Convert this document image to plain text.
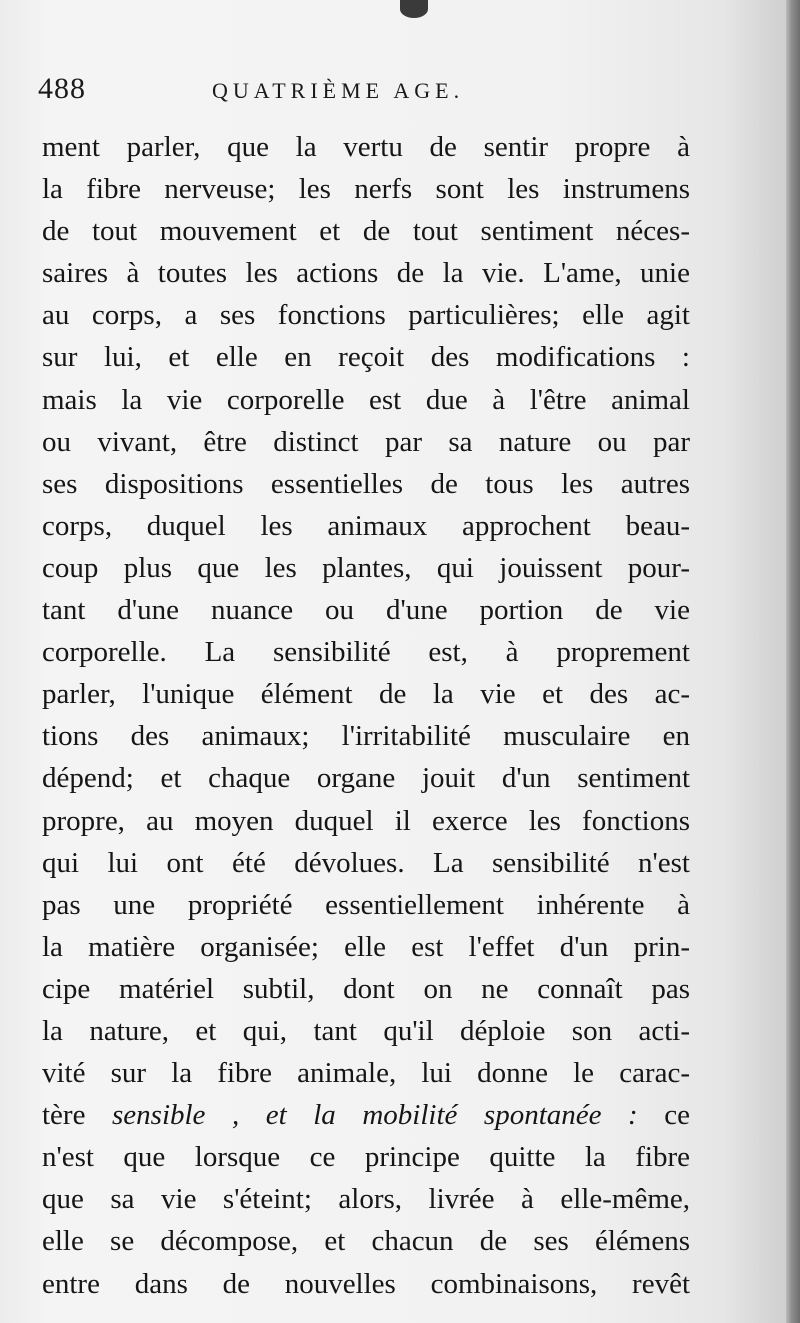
488	QUATRIÈME AGE.
ment parler, que la vertu de sentir propre à
la fibre nerveuse; les nerfs sont les instrumens
de tout mouvement et de tout sentiment néces-
saires à toutes les actions de la vie. L'ame, unie
au corps, a ses fonctions particulières; elle agit
sur lui, et elle en reçoit des modifications :
mais la vie corporelle est due à l'être animal
ou vivant, être distinct par sa nature ou par
ses dispositions essentielles de tous les autres
corps, duquel les animaux approchent beau-
coup plus que les plantes, qui jouissent pour-
tant d'une nuance ou d'une portion de vie
corporelle. La sensibilité est, à proprement
parler, l'unique élément de la vie et des ac-
tions des animaux; l'irritabilité musculaire en
dépend; et chaque organe jouit d'un sentiment
propre, au moyen duquel il exerce les fonctions
qui lui ont été dévolues. La sensibilité n'est
pas une propriété essentiellement inhérente à
la matière organisée; elle est l'effet d'un prin-
cipe matériel subtil, dont on ne connaît pas
la nature, et qui, tant qu'il déploie son acti-
vité sur la fibre animale, lui donne le carac-
tère sensible , et la mobilité spontanée : ce
n'est que lorsque ce principe quitte la fibre
que sa vie s'éteint; alors, livrée à elle-même,
elle se décompose, et chacun de ses élémens
entre dans de nouvelles combinaisons, revêt
